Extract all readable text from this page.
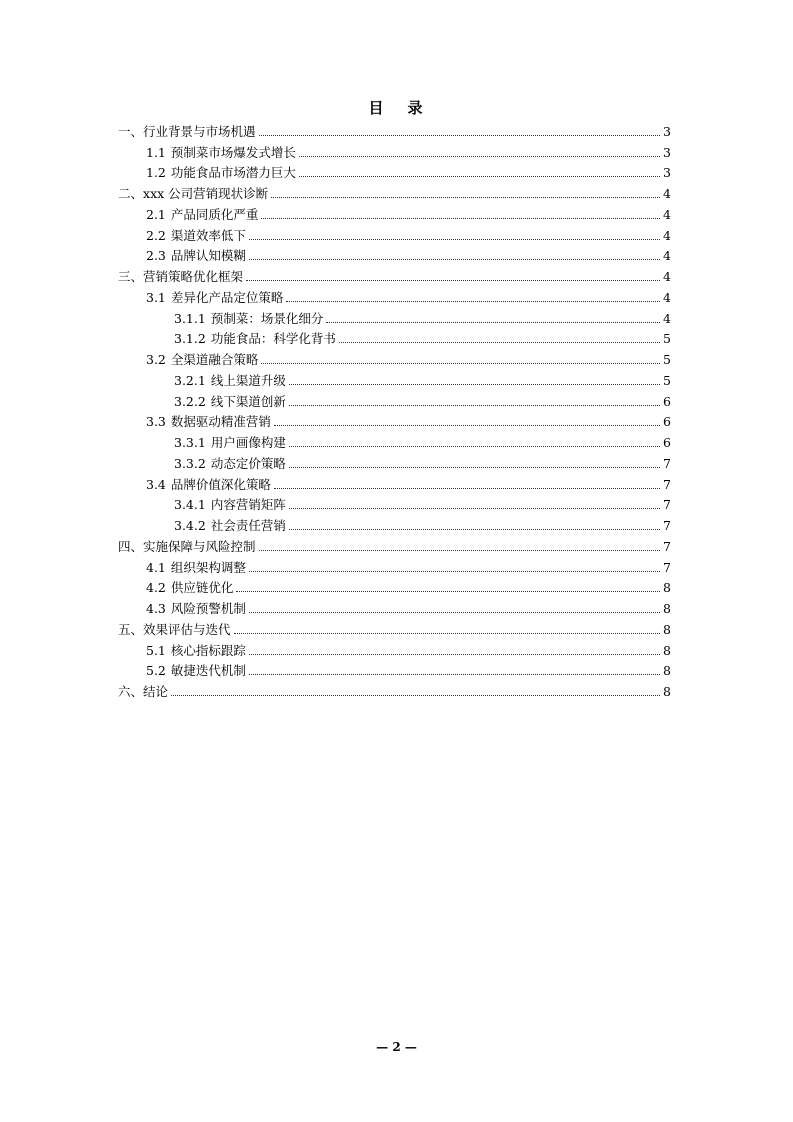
目 录
一、 行业背景与市场机遇	3
1.1 预制菜市场爆发式增长	3
1.2 功能食品市场潜力巨大	3
二、 xxx 公司营销现状诊断	4
2.1 产品同质化严重	4
2.2 渠道效率低下	4
2.3 品牌认知模糊	4
三、 营销策略优化框架	4
3.1 差异化产品定位策略	4
3.1.1 预制菜：场景化细分	4
3.1.2 功能食品：科学化背书	5
3.2 全渠道融合策略	5
3.2.1 线上渠道升级	5
3.2.2 线下渠道创新	6
3.3 数据驱动精准营销	6
3.3.1 用户画像构建	6
3.3.2 动态定价策略	7
3.4 品牌价值深化策略	7
3.4.1 内容营销矩阵	7
3.4.2 社会责任营销	7
四、 实施保障与风险控制	7
4.1 组织架构调整	7
4.2 供应链优化	8
4.3 风险预警机制	8
五、 效果评估与迭代	8
5.1 核心指标跟踪	8
5.2 敏捷迭代机制	8
六、 结论	8
— 2 —
